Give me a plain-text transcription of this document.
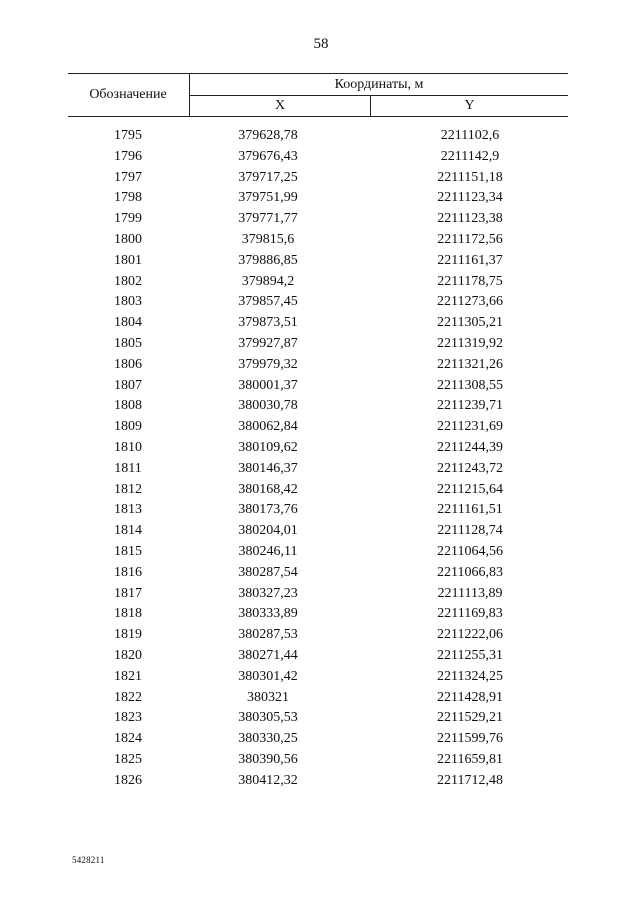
58
Обозначение
Координаты, м
X	Y
1795	379628,78	2211102,6
1796	379676,43	2211142,9
1797	379717,25	2211151,18
1798	379751,99	2211123,34
1799	379771,77	2211123,38
1800	379815,6	2211172,56
1801	379886,85	2211161,37
1802	379894,2	2211178,75
1803	379857,45	2211273,66
1804	379873,51	2211305,21
1805	379927,87	2211319,92
1806	379979,32	2211321,26
1807	380001,37	2211308,55
1808	380030,78	2211239,71
1809	380062,84	2211231,69
1810	380109,62	2211244,39
1811	380146,37	2211243,72
1812	380168,42	2211215,64
1813	380173,76	2211161,51
1814	380204,01	2211128,74
1815	380246,11	2211064,56
1816	380287,54	2211066,83
1817	380327,23	2211113,89
1818	380333,89	2211169,83
1819	380287,53	2211222,06
1820	380271,44	2211255,31
1821	380301,42	2211324,25
1822	380321	2211428,91
1823	380305,53	2211529,21
1824	380330,25	2211599,76
1825	380390,56	2211659,81
1826	380412,32	2211712,48
5428211
